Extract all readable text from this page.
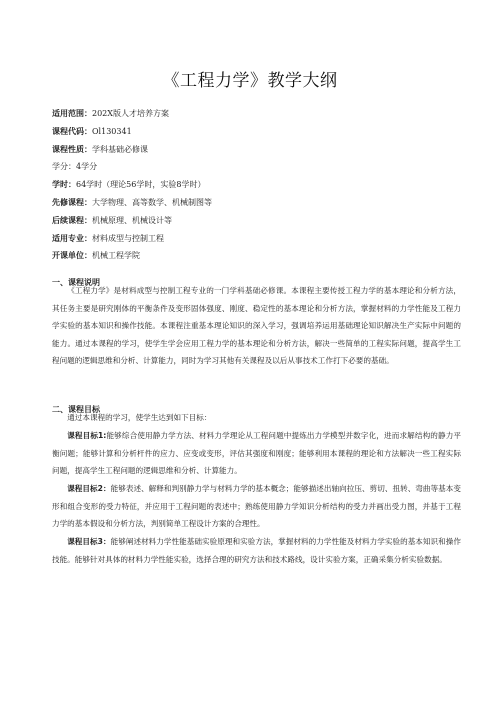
《工程力学》教学大纲
适用范围：202X版人才培养方案
课程代码：Ol130341
课程性质：学科基础必修课
学分：4学分
学时：64学时（理论56学时，实验8学时）
先修课程：大学物理、高等数学、机械制图等
后续课程：机械原理、机械设计等
适用专业：材料成型与控制工程
开课单位：机械工程学院
一、课程说明

《工程力学》是材料成型与控制工程专业的一门学科基础必修课。本课程主要传授工程力学的基本理论和分析方法，其任务主要是研究刚体的平衡条件及变形固体强度、刚度、稳定性的基本理论和分析方法，掌握材料的力学性能及工程力学实验的基本知识和操作技能。本课程注重基本理论知识的深入学习，强调培养运用基础理论知识解决生产实际中问题的能力。通过本课程的学习，使学生学会应用工程力学的基本理论和分析方法，解决一些简单的工程实际问题，提高学生工程问题的逻辑思维和分析、计算能力，同时为学习其他有关课程及以后从事技术工作打下必要的基础。

二、课程目标

通过本课程的学习，使学生达到如下目标：

课程目标1:能够综合使用静力学方法、材料力学理论从工程问题中提炼出力学模型并数字化，进而求解结构的静力平衡问题；能够计算和分析杆件的应力、应变或变形，评估其强度和刚度；能够利用本课程的理论和方法解决一些工程实际问题，提高学生工程问题的逻辑思维和分析、计算能力。

课程目标2：能够表述、解释和判别静力学与材料力学的基本概念；能够描述出轴向拉压、剪切、扭转、弯曲等基本变形和组合变形的受力特征，并应用于工程问题的表述中；熟练使用静力学知识分析结构的受力并画出受力图，并基于工程力学的基本假设和分析方法，判别简单工程设计方案的合理性。

课程目标3：能够阐述材料力学性能基础实验原理和实验方法，掌握材料的力学性能及材料力学实验的基本知识和操作技能。能够针对具体的材料力学性能实验，选择合理的研究方法和技术路线，设计实验方案，正确采集分析实验数据。
